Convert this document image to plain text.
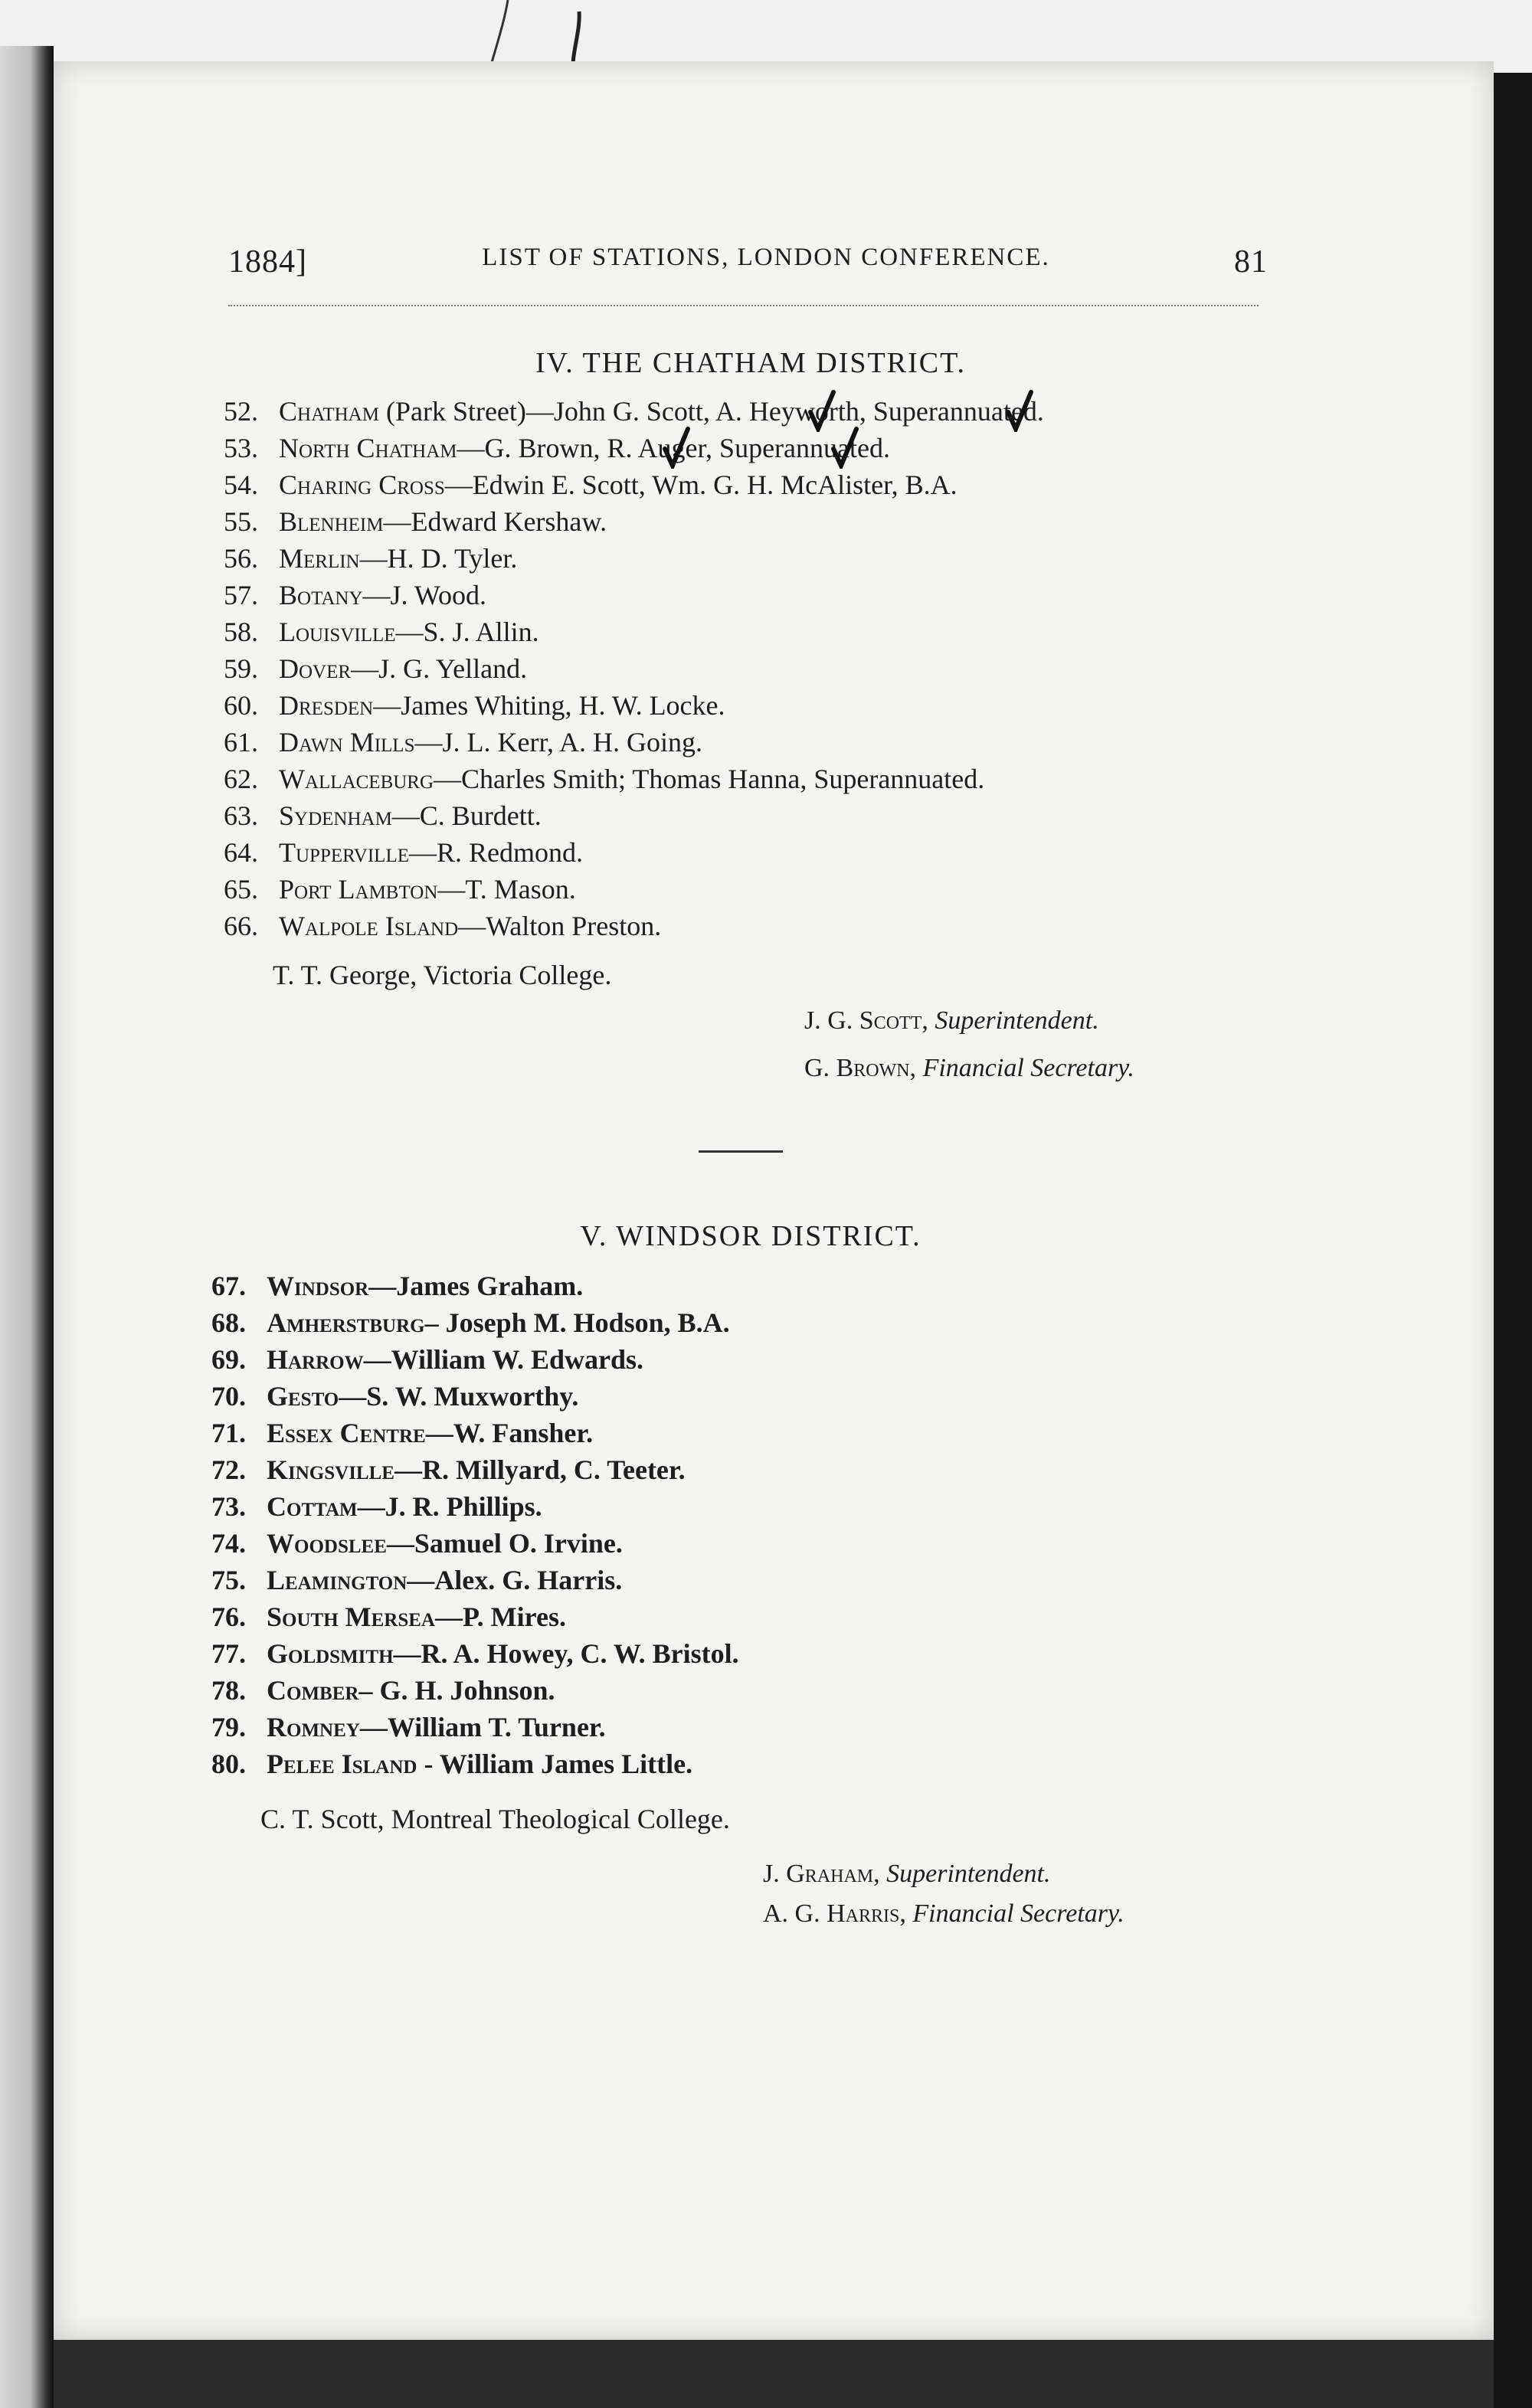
1884]	LIST OF STATIONS, LONDON CONFERENCE.	81
IV. THE CHATHAM DISTRICT.
52. Chatham (Park Street)—John G. Scott, A. Heyworth, Superannuated.
53. North Chatham—G. Brown, R. Auger, Superannuated.
54. Charing Cross—Edwin E. Scott, Wm. G. H. McAlister, B.A.
55. Blenheim—Edward Kershaw.
56. Merlin—H. D. Tyler.
57. Botany—J. Wood.
58. Louisville—S. J. Allin.
59. Dover—J. G. Yelland.
60. Dresden—James Whiting, H. W. Locke.
61. Dawn Mills—J. L. Kerr, A. H. Going.
62. Wallaceburg—Charles Smith; Thomas Hanna, Superannuated.
63. Sydenham—C. Burdett.
64. Tupperville—R. Redmond.
65. Port Lambton—T. Mason.
66. Walpole Island—Walton Preston.
T. T. George, Victoria College.
J. G. Scott, Superintendent.
G. Brown, Financial Secretary.
V. WINDSOR DISTRICT.
67. Windsor—James Graham.
68. Amherstburg– Joseph M. Hodson, B.A.
69. Harrow—William W. Edwards.
70. Gesto—S. W. Muxworthy.
71. Essex Centre—W. Fansher.
72. Kingsville—R. Millyard, C. Teeter.
73. Cottam—J. R. Phillips.
74. Woodslee—Samuel O. Irvine.
75. Leamington—Alex. G. Harris.
76. South Mersea—P. Mires.
77. Goldsmith—R. A. Howey, C. W. Bristol.
78. Comber– G. H. Johnson.
79. Romney—William T. Turner.
80. Pelee Island - William James Little.
C. T. Scott, Montreal Theological College.
J. Graham, Superintendent.
A. G. Harris, Financial Secretary.
